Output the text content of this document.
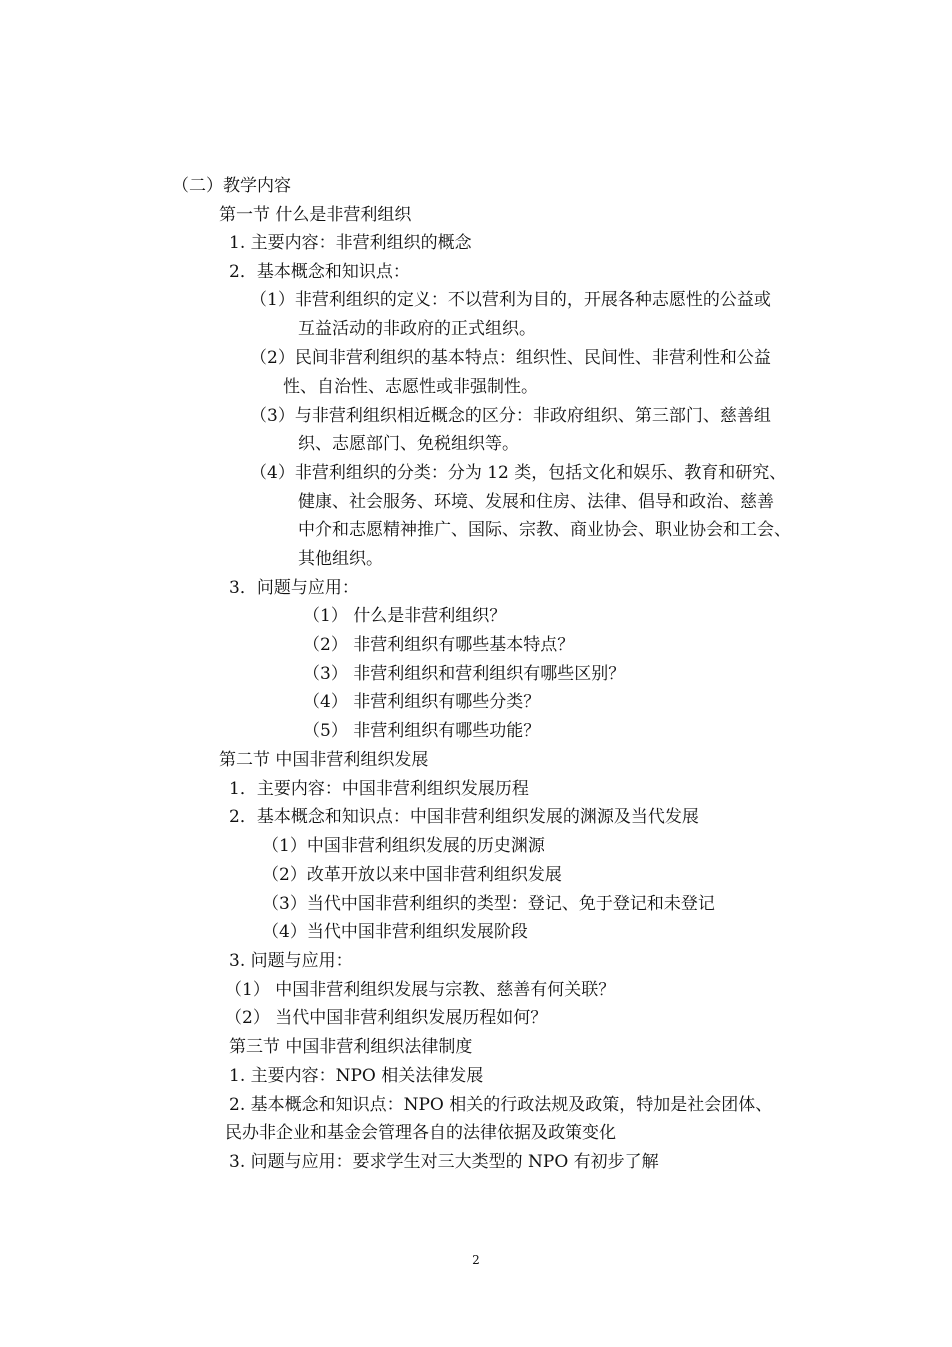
（二）教学内容
第一节 什么是非营利组织
1. 主要内容：非营利组织的概念
2．基本概念和知识点：
（1）非营利组织的定义：不以营利为目的，开展各种志愿性的公益或
互益活动的非政府的正式组织。
（2）民间非营利组织的基本特点：组织性、民间性、非营利性和公益
性、自治性、志愿性或非强制性。
（3）与非营利组织相近概念的区分：非政府组织、第三部门、慈善组
织、志愿部门、免税组织等。
（4）非营利组织的分类：分为 12 类，包括文化和娱乐、教育和研究、
健康、社会服务、环境、发展和住房、法律、倡导和政治、慈善
中介和志愿精神推广、国际、宗教、商业协会、职业协会和工会、
其他组织。
3．问题与应用：
（1） 什么是非营利组织？
（2） 非营利组织有哪些基本特点？
（3） 非营利组织和营利组织有哪些区别？
（4） 非营利组织有哪些分类？
（5） 非营利组织有哪些功能？
第二节 中国非营利组织发展
1．主要内容：中国非营利组织发展历程
2．基本概念和知识点：中国非营利组织发展的渊源及当代发展
（1）中国非营利组织发展的历史渊源
（2）改革开放以来中国非营利组织发展
（3）当代中国非营利组织的类型：登记、免于登记和未登记
（4）当代中国非营利组织发展阶段
3. 问题与应用：
（1） 中国非营利组织发展与宗教、慈善有何关联？
（2） 当代中国非营利组织发展历程如何？
第三节 中国非营利组织法律制度
1. 主要内容：NPO 相关法律发展
2. 基本概念和知识点：NPO 相关的行政法规及政策，特加是社会团体、
民办非企业和基金会管理各自的法律依据及政策变化
3. 问题与应用：要求学生对三大类型的 NPO 有初步了解
2
